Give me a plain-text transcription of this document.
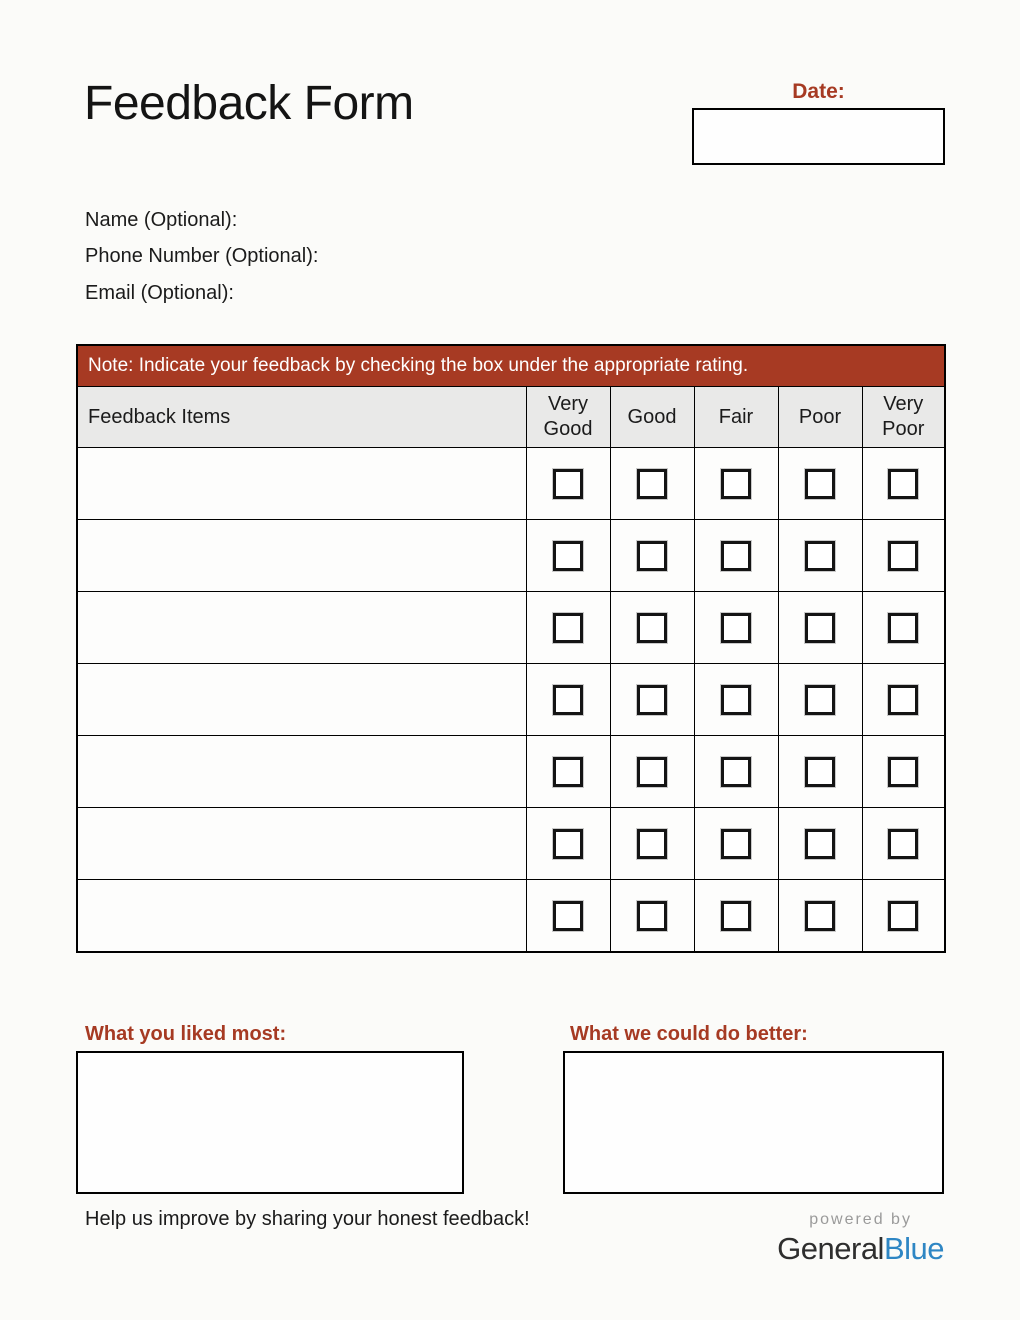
Feedback Form	Date:
Name (Optional):
Phone Number (Optional):
Email (Optional):
Note: Indicate your feedback by checking the box under the appropriate rating.					
Feedback Items	Very Good	Good	Fair	Poor	Very Poor

What you liked most:	What we could do better:
Help us improve by sharing your honest feedback!	powered by
GeneralBlue
